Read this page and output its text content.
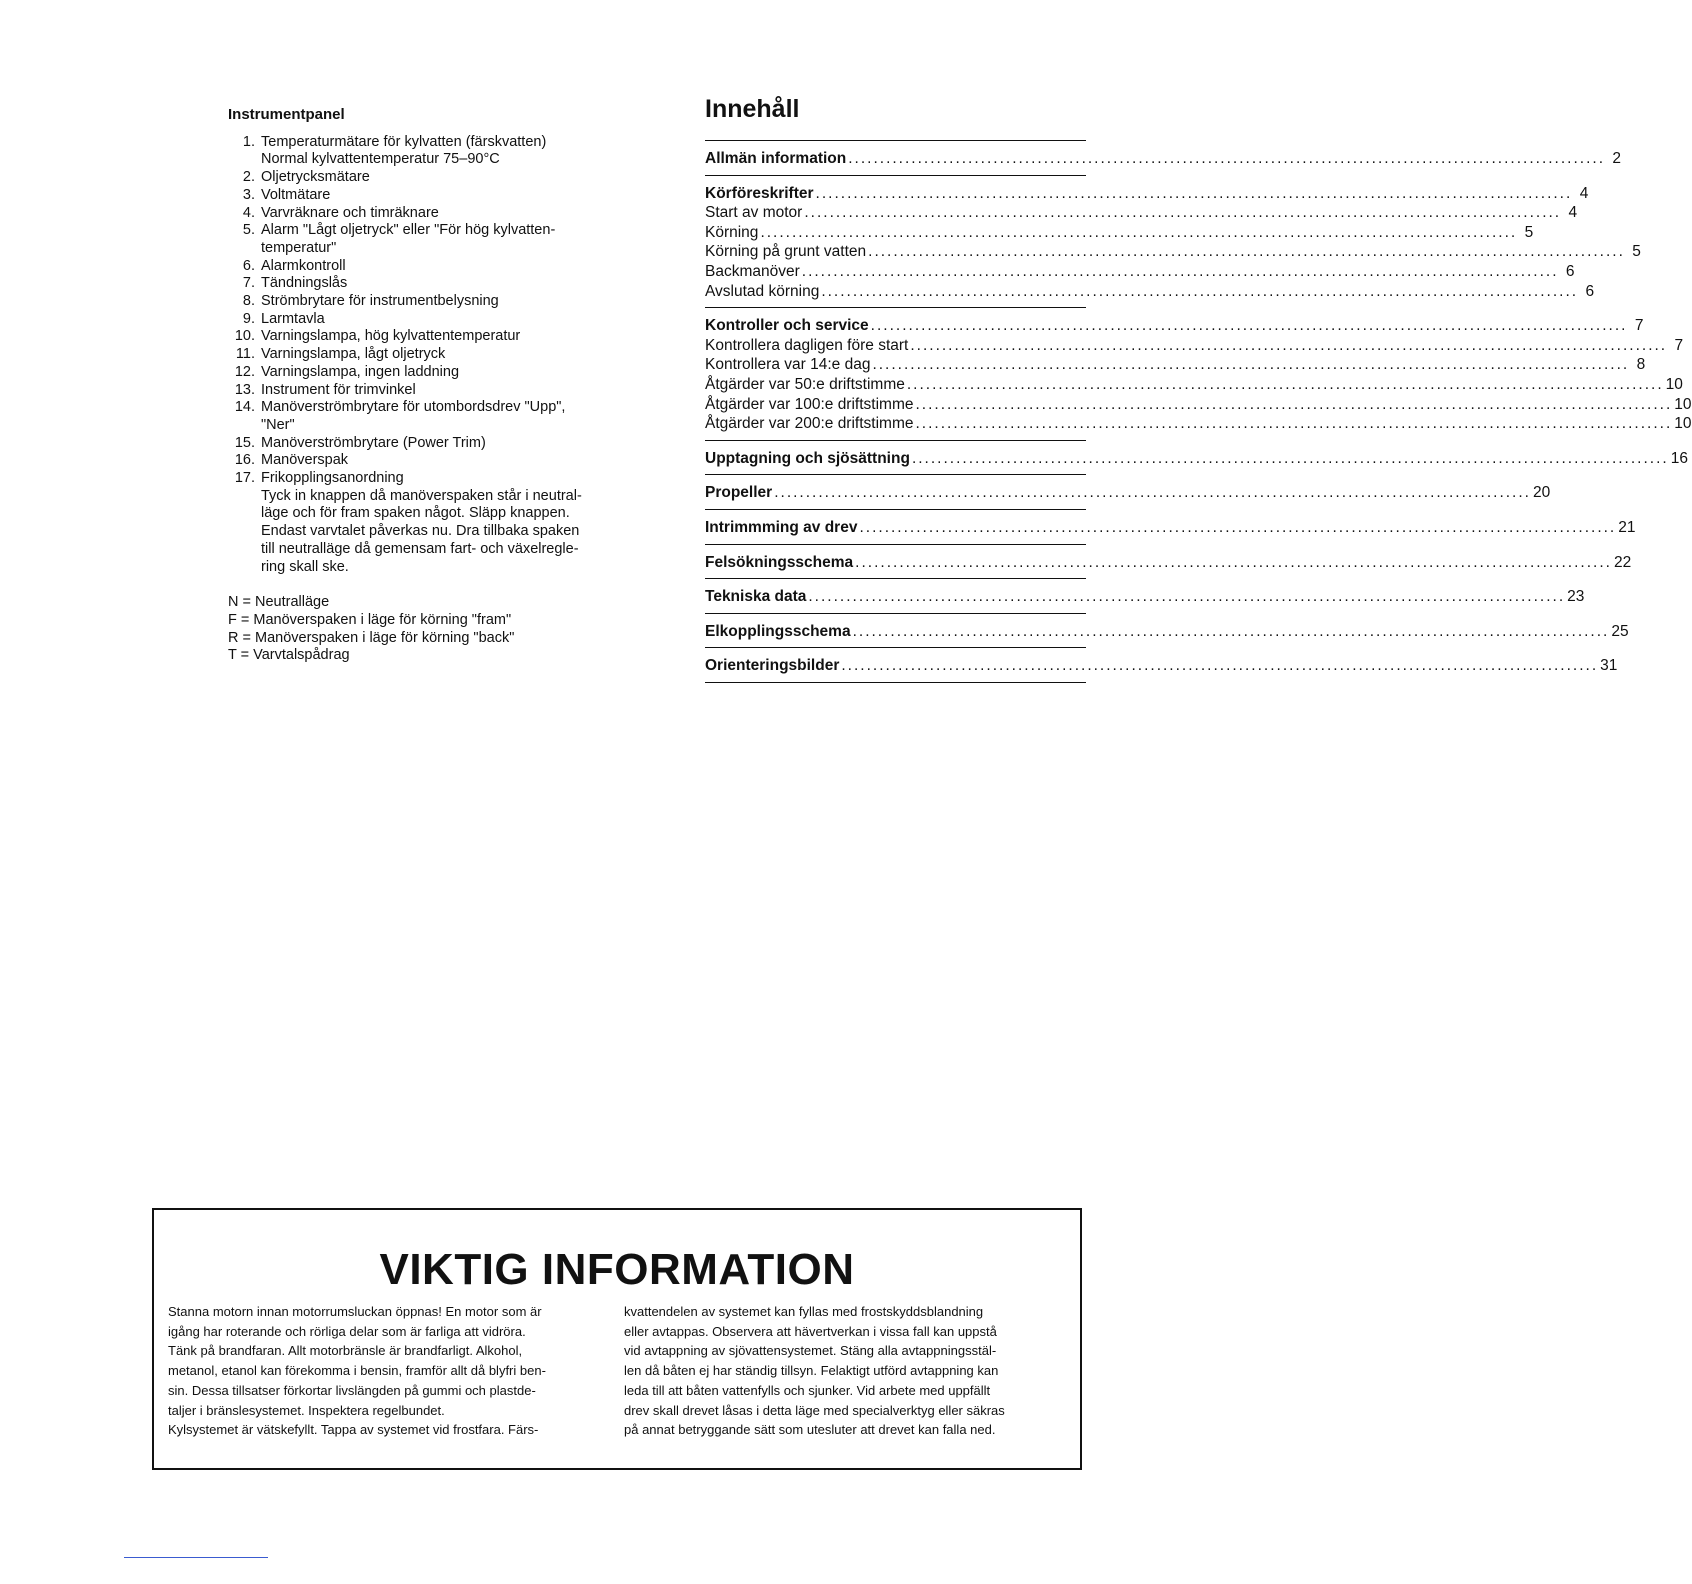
Instrumentpanel
1. Temperaturmätare för kylvatten (färskvatten)
Normal kylvattentemperatur 75–90°C
2. Oljetrycksmätare
3. Voltmätare
4. Varvräknare och timräknare
5. Alarm "Lågt oljetryck" eller "För hög kylvatten-
temperatur"
6. Alarmkontroll
7. Tändningslås
8. Strömbrytare för instrumentbelysning
9. Larmtavla
10. Varningslampa, hög kylvattentemperatur
11. Varningslampa, lågt oljetryck
12. Varningslampa, ingen laddning
13. Instrument för trimvinkel
14. Manöverströmbrytare för utombordsdrev "Upp",
"Ner"
15. Manöverströmbrytare (Power Trim)
16. Manöverspak
17. Frikopplingsanordning
Tyck in knappen då manöverspaken står i neutral-
läge och för fram spaken något. Släpp knappen.
Endast varvtalet påverkas nu. Dra tillbaka spaken
till neutralläge då gemensam fart- och växelregle-
ring skall ske.
N = Neutralläge
F = Manöverspaken i läge för körning "fram"
R = Manöverspaken i läge för körning "back"
T = Varvtalspådrag
Innehåll
Allmän information ........................................................................................................................ 2
Körföreskrifter ........................................................................................................................ 4
Start av motor ........................................................................................................................ 4
Körning ........................................................................................................................ 5
Körning på grunt vatten ........................................................................................................................ 5
Backmanöver ........................................................................................................................ 6
Avslutad körning ........................................................................................................................ 6
Kontroller och service ........................................................................................................................ 7
Kontrollera dagligen före start ........................................................................................................................ 7
Kontrollera var 14:e dag ........................................................................................................................ 8
Åtgärder var 50:e driftstimme ........................................................................................................................ 10
Åtgärder var 100:e driftstimme ........................................................................................................................ 10
Åtgärder var 200:e driftstimme ........................................................................................................................ 10
Upptagning och sjösättning ........................................................................................................................ 16
Propeller ........................................................................................................................ 20
Intrimmming av drev ........................................................................................................................ 21
Felsökningsschema ........................................................................................................................ 22
Tekniska data ........................................................................................................................ 23
Elkopplingsschema ........................................................................................................................ 25
Orienteringsbilder ........................................................................................................................ 31
VIKTIG INFORMATION
Stanna motorn innan motorrumsluckan öppnas! En motor som är
igång har roterande och rörliga delar som är farliga att vidröra.
Tänk på brandfaran. Allt motorbränsle är brandfarligt. Alkohol,
metanol, etanol kan förekomma i bensin, framför allt då blyfri ben-
sin. Dessa tillsatser förkortar livslängden på gummi och plastde-
taljer i bränslesystemet. Inspektera regelbundet.
Kylsystemet är vätskefyllt. Tappa av systemet vid frostfara. Färs-
kvattendelen av systemet kan fyllas med frostskyddsblandning
eller avtappas. Observera att hävertverkan i vissa fall kan uppstå
vid avtappning av sjövattensystemet. Stäng alla avtappningsstäl-
len då båten ej har ständig tillsyn. Felaktigt utförd avtappning kan
leda till att båten vattenfylls och sjunker. Vid arbete med uppfällt
drev skall drevet låsas i detta läge med specialverktyg eller säkras
på annat betryggande sätt som utesluter att drevet kan falla ned.
